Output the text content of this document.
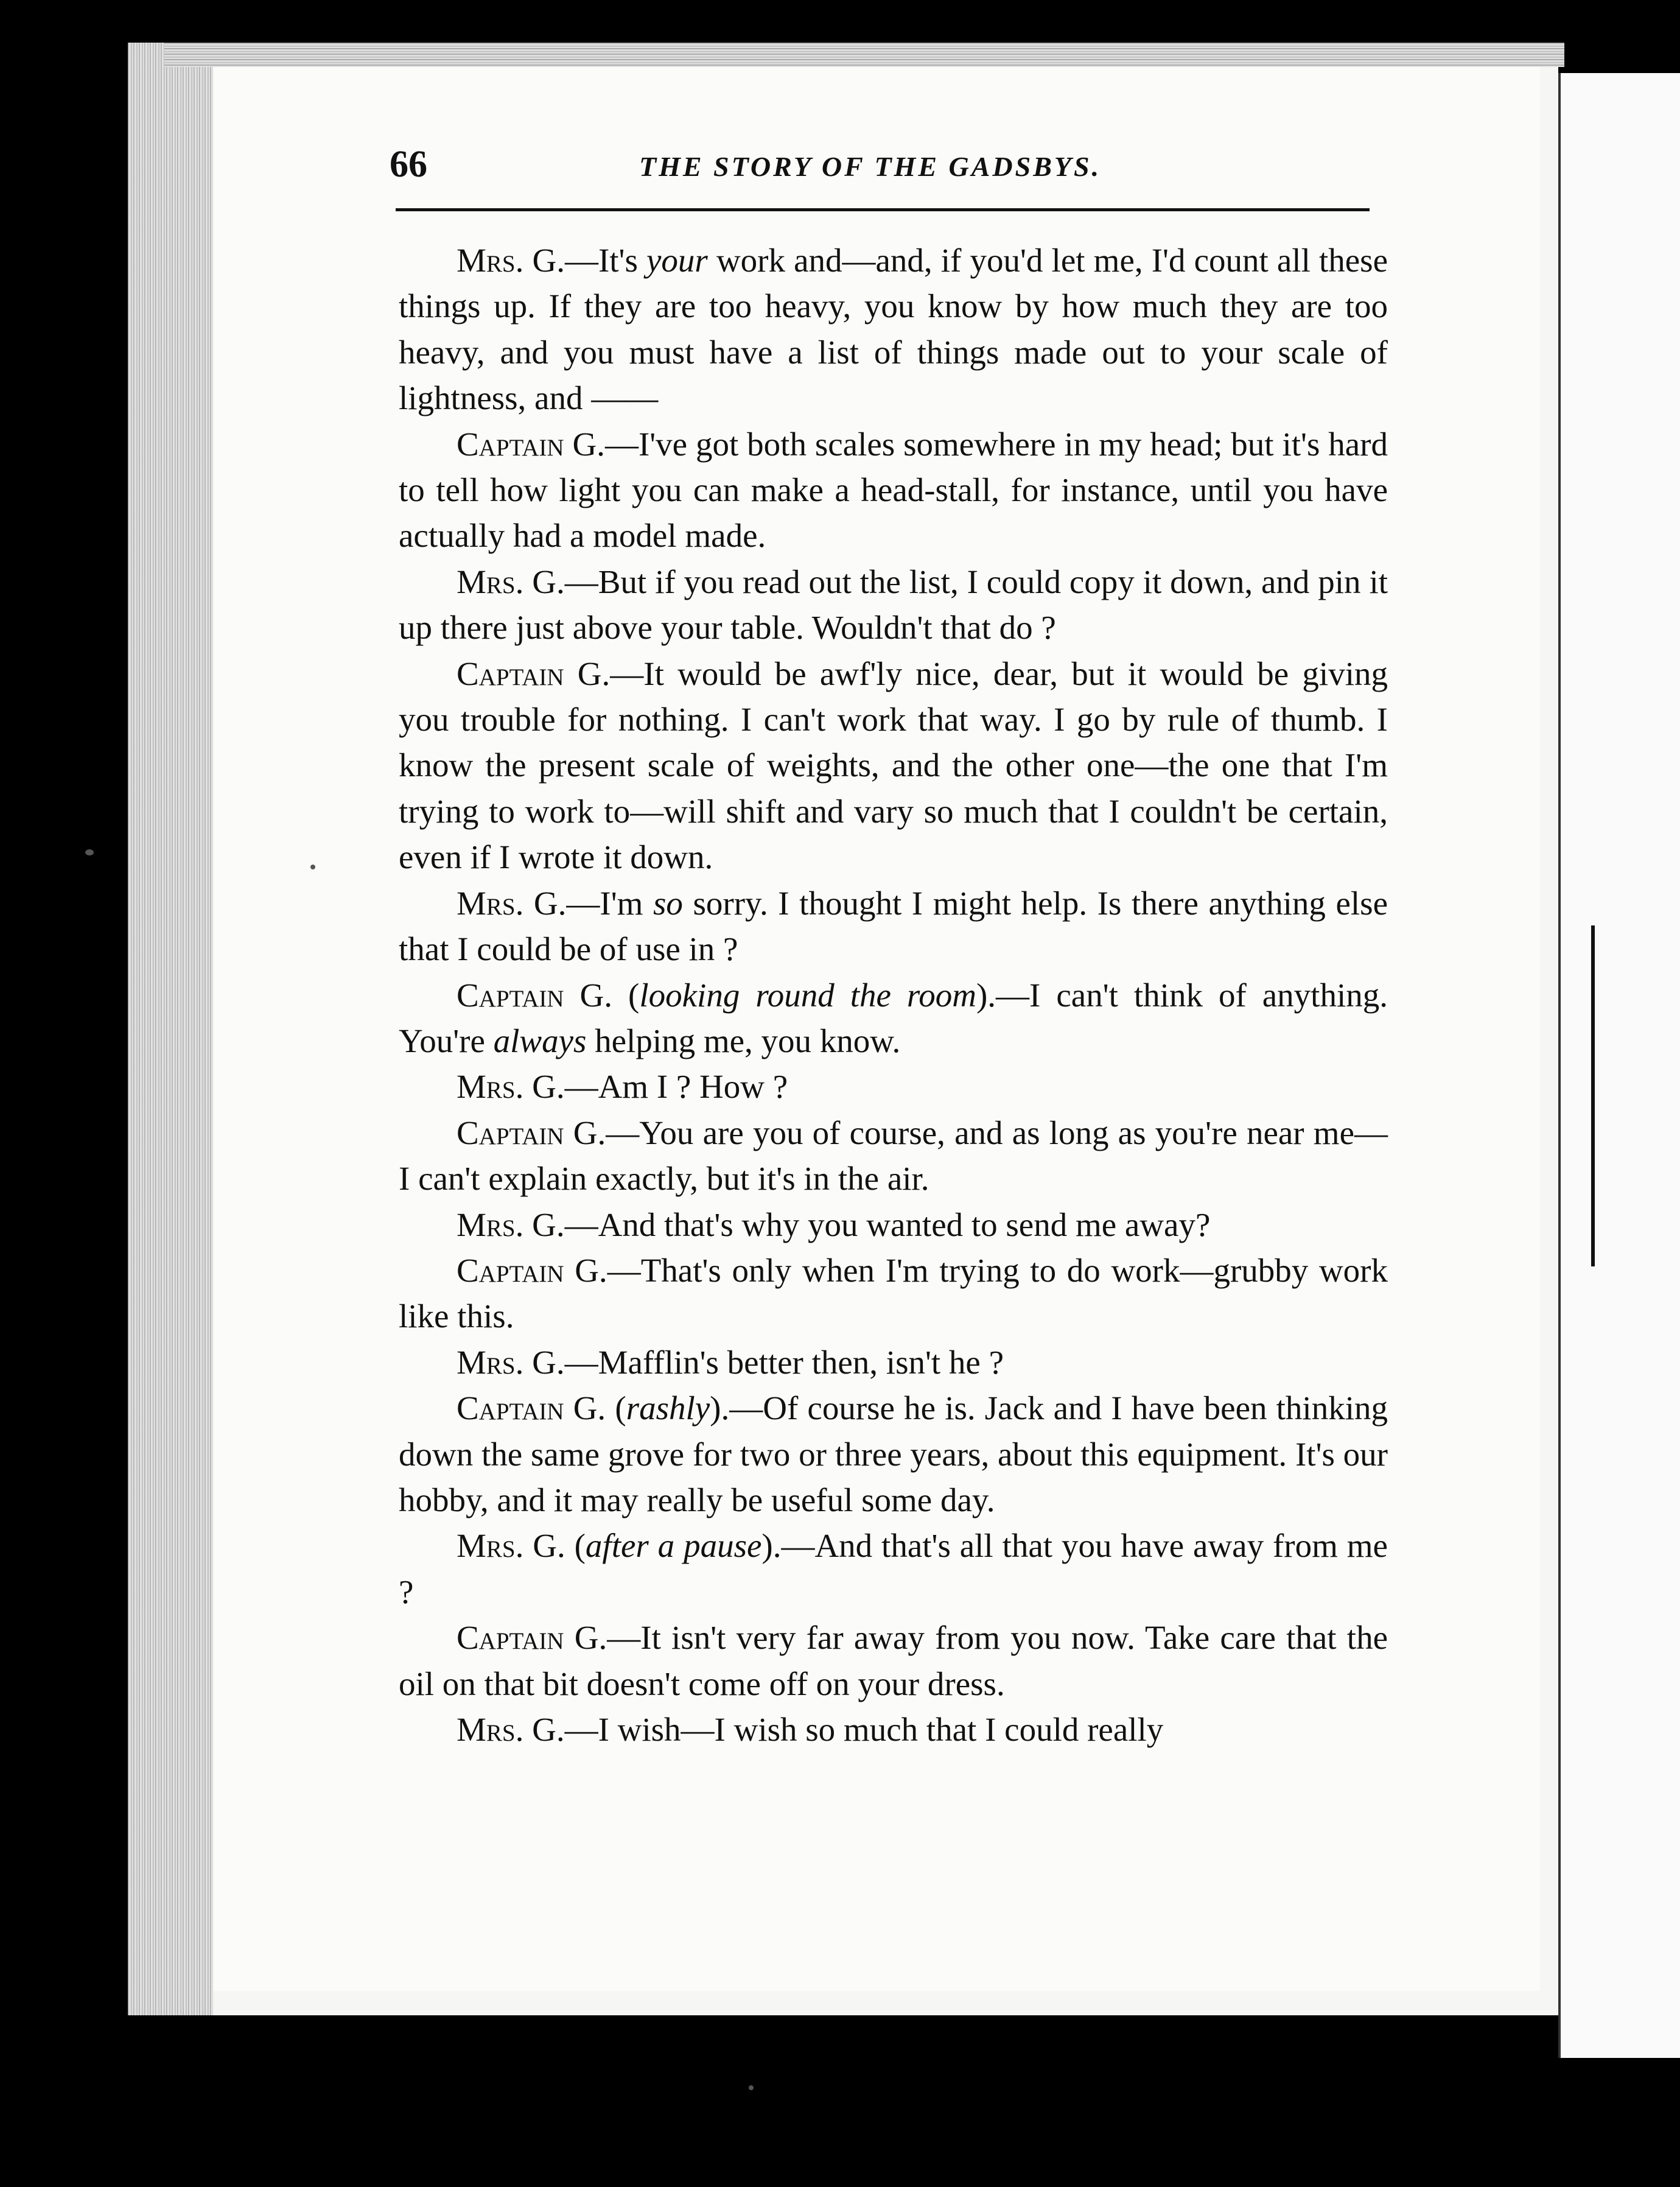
66	THE STORY OF THE GADSBYS.

Mrs. G.—It's your work and—and, if you'd let me, I'd count all these things up. If they are too heavy, you know by how much they are too heavy, and you must have a list of things made out to your scale of lightness, and ——

Captain G.—I've got both scales somewhere in my head; but it's hard to tell how light you can make a head-stall, for instance, until you have actually had a model made.

Mrs. G.—But if you read out the list, I could copy it down, and pin it up there just above your table. Wouldn't that do ?

Captain G.—It would be awf'ly nice, dear, but it would be giving you trouble for nothing. I can't work that way. I go by rule of thumb. I know the present scale of weights, and the other one—the one that I'm trying to work to—will shift and vary so much that I couldn't be certain, even if I wrote it down.

Mrs. G.—I'm so sorry. I thought I might help. Is there anything else that I could be of use in ?

Captain G. (looking round the room).—I can't think of anything. You're always helping me, you know.

Mrs. G.—Am I ? How ?

Captain G.—You are you of course, and as long as you're near me—I can't explain exactly, but it's in the air.

Mrs. G.—And that's why you wanted to send me away?

Captain G.—That's only when I'm trying to do work—grubby work like this.

Mrs. G.—Mafflin's better then, isn't he ?

Captain G. (rashly).—Of course he is. Jack and I have been thinking down the same grove for two or three years, about this equipment. It's our hobby, and it may really be useful some day.

Mrs. G. (after a pause).—And that's all that you have away from me ?

Captain G.—It isn't very far away from you now. Take care that the oil on that bit doesn't come off on your dress.

Mrs. G.—I wish—I wish so much that I could really
